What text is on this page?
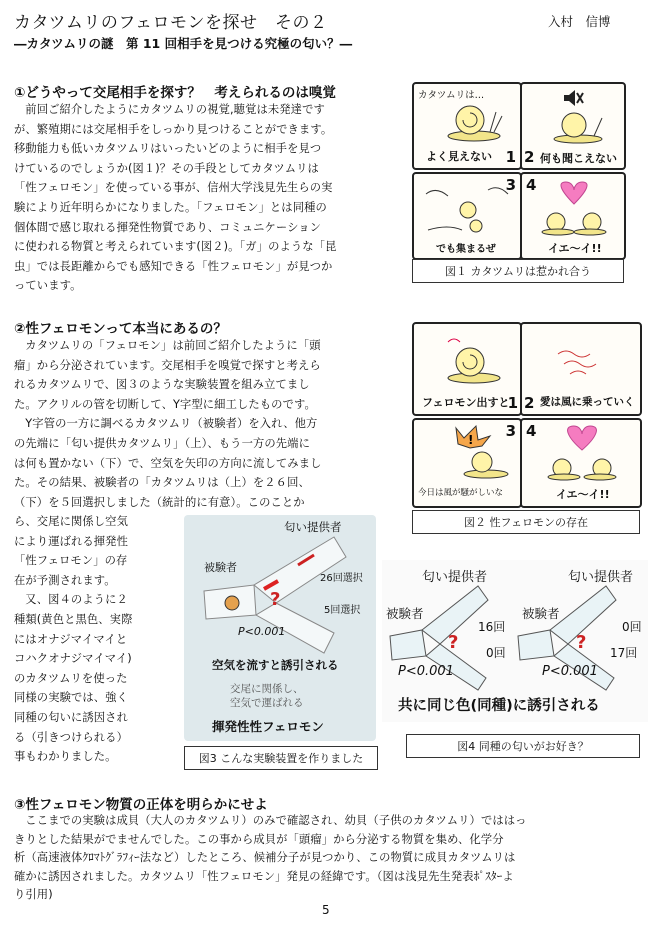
カタツムリのフェロモンを探せ　その２	入村　信博
―カタツムリの謎　第 11 回相手を見つける究極の匂い？―
①どうやって交尾相手を探す？　考えられるのは嗅覚

前回ご紹介したようにカタツムリの視覚,聴覚は未発達です

が、繁殖期には交尾相手をしっかり見つけることができます。

移動能力も低いカタツムリはいったいどのように相手を見つ

けているのでしょうか(図１)？その手段としてカタツムリは

「性フェロモン」を使っている事が、信州大学浅見先生らの実

験により近年明らかになりました。「フェロモン」とは同種の

個体間で感じ取れる揮発性物質であり、コミュニケーション

に使われる物質と考えられています(図２)。「ガ」のような「昆

虫」では長距離からでも感知できる「性フェロモン」が見つか

っています。

カタツムリは…
よく見えない 1 2 何も聞こえない
3
でも集まるぜ
4
イエ〜イ!!
図１ カタツムリは惹かれ合う
②性フェロモンって本当にあるの？

カタツムリの「フェロモン」は前回ご紹介したように「頭

瘤」から分泌されています。交尾相手を嗅覚で探すと考えら

れるカタツムリで、図３のような実験装置を組み立てまし

た。アクリルの管を切断して、Y字型に細工したものです。

Y字管の一方に調べるカタツムリ（被験者）を入れ、他方

の先端に「匂い提供カタツムリ」（上）、もう一方の先端に

は何も置かない（下）で、空気を矢印の方向に流してみまし

た。その結果、被験者の「カタツムリは（上）を２６回、

（下）を５回選択しました（統計的に有意）。このことか

ら、交尾に関係し空気

により運ばれる揮発性

「性フェロモン」の存

在が予測されます。

又、図４のように２

種類(黄色と黒色、実際

にはオナジマイマイと

コハクオナジマイマイ)

のカタツムリを使った

同様の実験では、強く

同種の匂いに誘因され

る（引きつけられる）

事もわかりました。

フェロモン出すと
1 2 愛は風に乗っていく
! 3
今日は風が騒がしいな
4
イエ〜イ!!
図２ 性フェロモンの存在
?
匂い提供者
被験者
26回選択
5回選択
P<0.001
空気を流すと誘引される
交尾に関係し、
空気で運ばれる
揮発性性フェロモン
図3 こんな実験装置を作りました
?	?
匂い提供者
被験者
16回
0回
P<0.001
匂い提供者
被験者
0回
17回
P<0.001
共に同じ色(同種)に誘引される
図4 同種の匂いがお好き？
③性フェロモン物質の正体を明らかにせよ

ここまでの実験は成貝（大人のカタツムリ）のみで確認され、幼貝（子供のカタツムリ）でははっ

きりとした結果がでませんでした。この事から成貝が「頭瘤」から分泌する物質を集め、化学分

析（高速液体ｸﾛﾏﾄｸﾞﾗﾌｨｰ法など）したところ、候補分子が見つかり、この物質に成貝カタツムリは

確かに誘因されました。カタツムリ「性フェロモン」発見の経緯です。（図は浅見先生発表ﾎﾟｽﾀｰよ

り引用)

5
